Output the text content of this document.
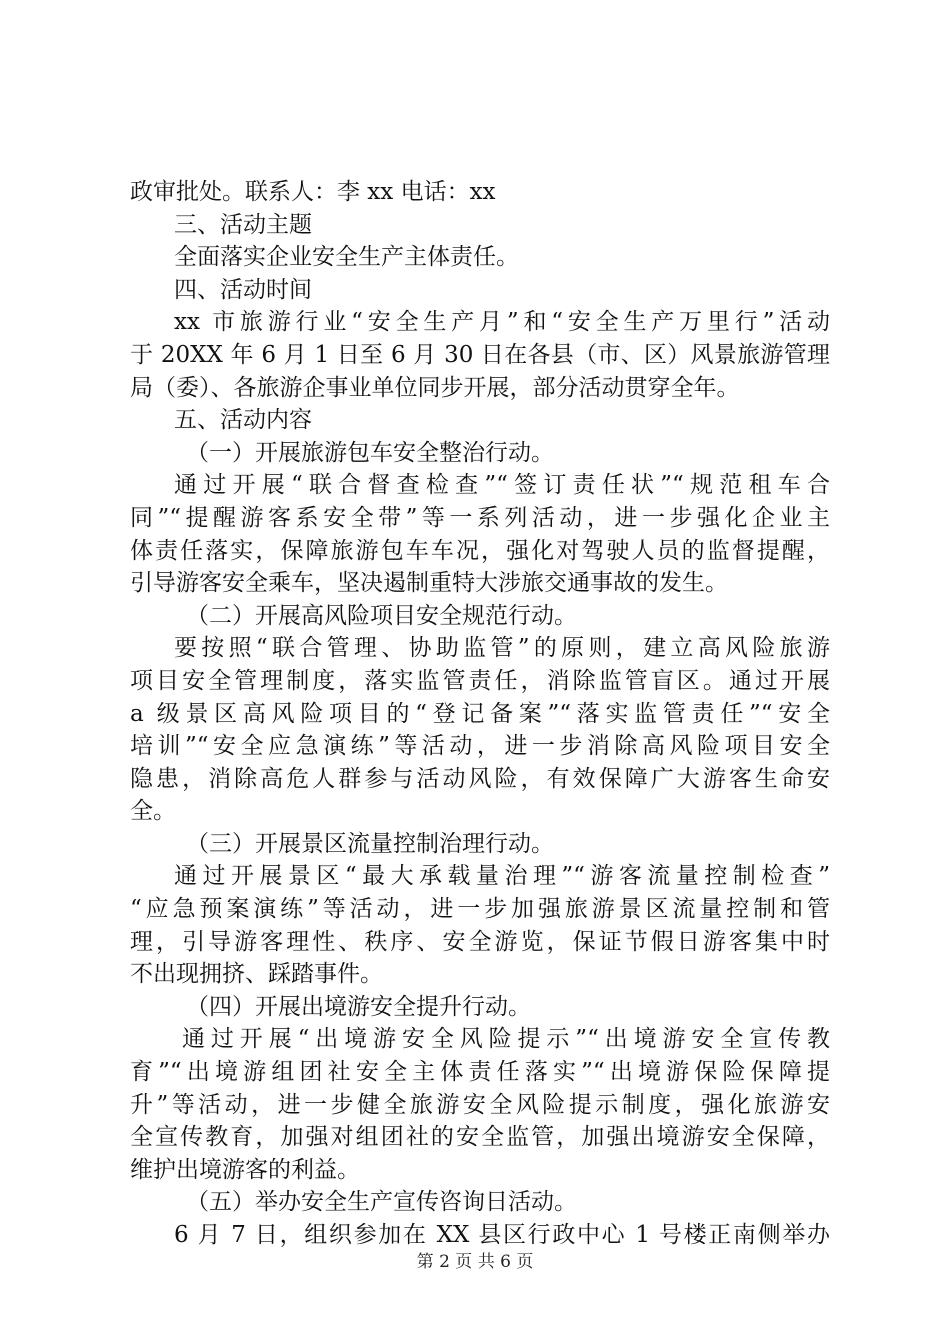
政审批处。联系人：李 xx 电话：xx
三、活动主题
全面落实企业安全生产主体责任。
四、活动时间
xx 市旅游行业“安全生产月”和“安全生产万里行”活动
于 20XX 年 6 月 1 日至 6 月 30 日在各县（市、区）风景旅游管理
局（委）、各旅游企事业单位同步开展，部分活动贯穿全年。
五、活动内容
（一）开展旅游包车安全整治行动。
通过开展“联合督查检查”“签订责任状”“规范租车合
同”“提醒游客系安全带”等一系列活动，进一步强化企业主
体责任落实，保障旅游包车车况，强化对驾驶人员的监督提醒，
引导游客安全乘车，坚决遏制重特大涉旅交通事故的发生。
（二）开展高风险项目安全规范行动。
要按照“联合管理、协助监管”的原则，建立高风险旅游
项目安全管理制度，落实监管责任，消除监管盲区。通过开展
a 级景区高风险项目的“登记备案”“落实监管责任”“安全
培训”“安全应急演练”等活动，进一步消除高风险项目安全
隐患，消除高危人群参与活动风险，有效保障广大游客生命安
全。
（三）开展景区流量控制治理行动。
通过开展景区“最大承载量治理”“游客流量控制检查”
“应急预案演练”等活动，进一步加强旅游景区流量控制和管
理，引导游客理性、秩序、安全游览，保证节假日游客集中时
不出现拥挤、踩踏事件。
（四）开展出境游安全提升行动。
通过开展“出境游安全风险提示”“出境游安全宣传教
育”“出境游组团社安全主体责任落实”“出境游保险保障提
升”等活动，进一步健全旅游安全风险提示制度，强化旅游安
全宣传教育，加强对组团社的安全监管，加强出境游安全保障，
维护出境游客的利益。
（五）举办安全生产宣传咨询日活动。
6 月 7 日，组织参加在 XX 县区行政中心 1 号楼正南侧举办
第 2 页 共 6 页
